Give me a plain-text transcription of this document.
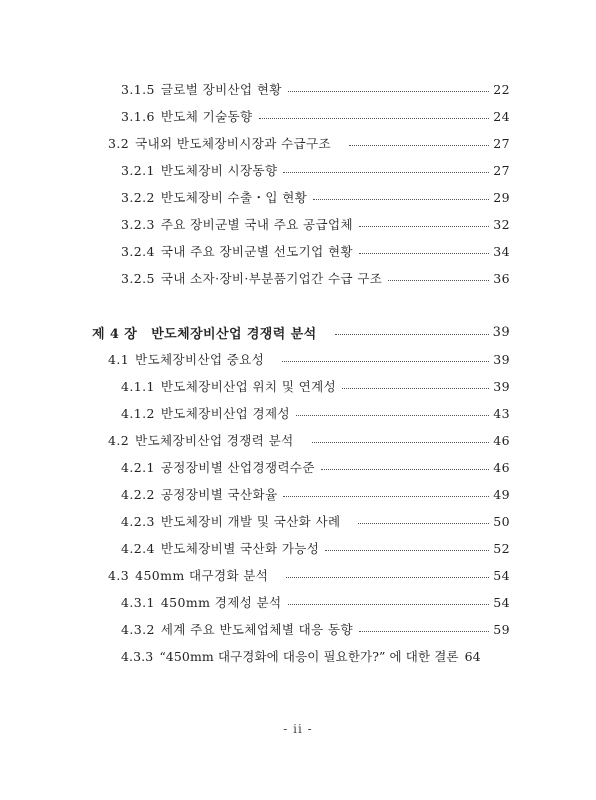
3.1.5 글로벌 장비산업 현황	22
3.1.6 반도체 기술동향	24
3.2 국내외 반도체장비시장과 수급구조	27
3.2.1 반도체장비 시장동향	27
3.2.2 반도체장비 수출・입 현황	29
3.2.3 주요 장비군별 국내 주요 공급업체	32
3.2.4 국내 주요 장비군별 선도기업 현황	34
3.2.5 국내 소자·장비·부분품기업간 수급 구조	36
제 4 장 반도체장비산업 경쟁력 분석	39
4.1 반도체장비산업 중요성	39
4.1.1 반도체장비산업 위치 및 연계성	39
4.1.2 반도체장비산업 경제성	43
4.2 반도체장비산업 경쟁력 분석	46
4.2.1 공정장비별 산업경쟁력수준	46
4.2.2 공정장비별 국산화율	49
4.2.3 반도체장비 개발 및 국산화 사례	50
4.2.4 반도체장비별 국산화 가능성	52
4.3 450mm 대구경화 분석	54
4.3.1 450mm 경제성 분석	54
4.3.2 세계 주요 반도체업체별 대응 동향	59
4.3.3 “450mm 대구경화에 대응이 필요한가?” 에 대한 결론 64
- ii -
